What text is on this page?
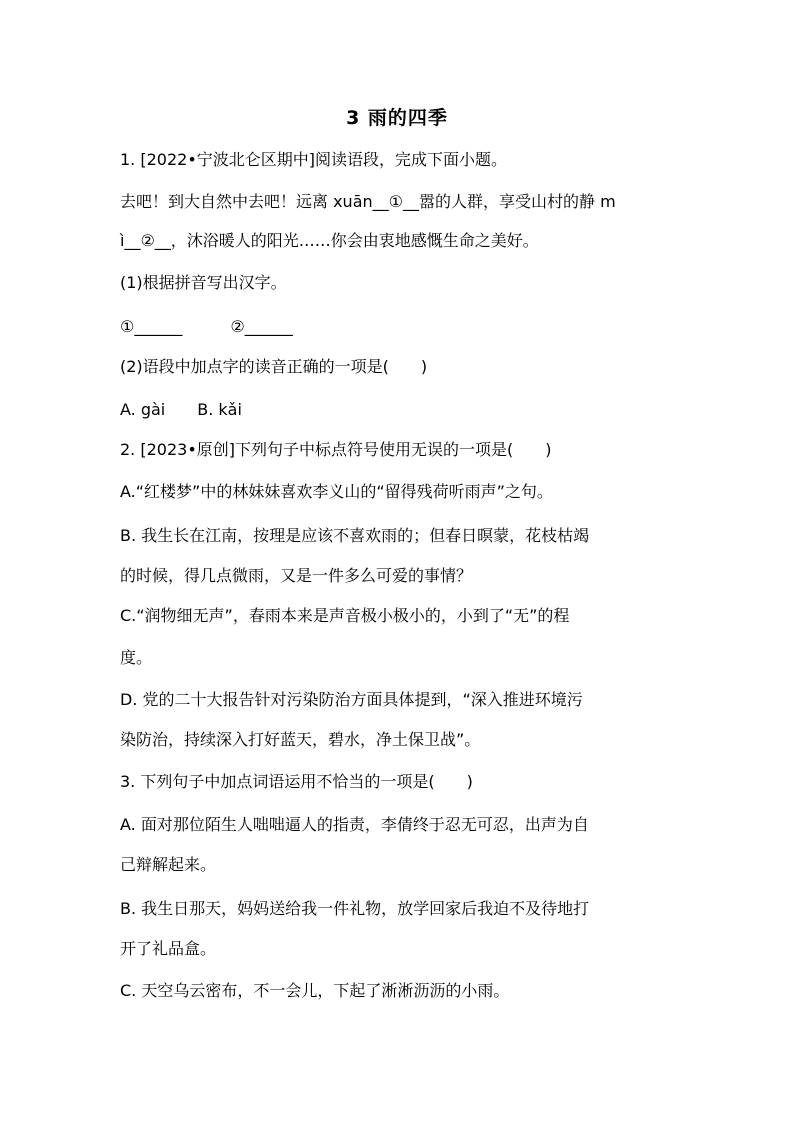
3 雨的四季
1. [2022•宁波北仑区期中]阅读语段，完成下面小题。
去吧！到大自然中去吧！远离 xuān__①__嚣的人群，享受山村的静 m
ì__②__，沐浴暖人的阳光……你会由衷地感慨生命之美好。
(1)根据拼音写出汉字。
①______	②______
(2)语段中加点字的读音正确的一项是(　　)
A. gài　　B. kǎi
2. [2023•原创]下列句子中标点符号使用无误的一项是(　　)
A.“红楼梦”中的林妹妹喜欢李义山的“留得残荷听雨声”之句。
B. 我生长在江南，按理是应该不喜欢雨的；但春日暝蒙，花枝枯竭
的时候，得几点微雨，又是一件多么可爱的事情？
C.“润物细无声”，春雨本来是声音极小极小的，小到了“无”的程
度。
D. 党的二十大报告针对污染防治方面具体提到，“深入推进环境污
染防治，持续深入打好蓝天，碧水，净土保卫战”。
3. 下列句子中加点词语运用不恰当的一项是(　　)
A. 面对那位陌生人咄咄逼人的指责，李倩终于忍无可忍，出声为自
己辩解起来。
B. 我生日那天，妈妈送给我一件礼物，放学回家后我迫不及待地打
开了礼品盒。
C. 天空乌云密布，不一会儿，下起了淅淅沥沥的小雨。
